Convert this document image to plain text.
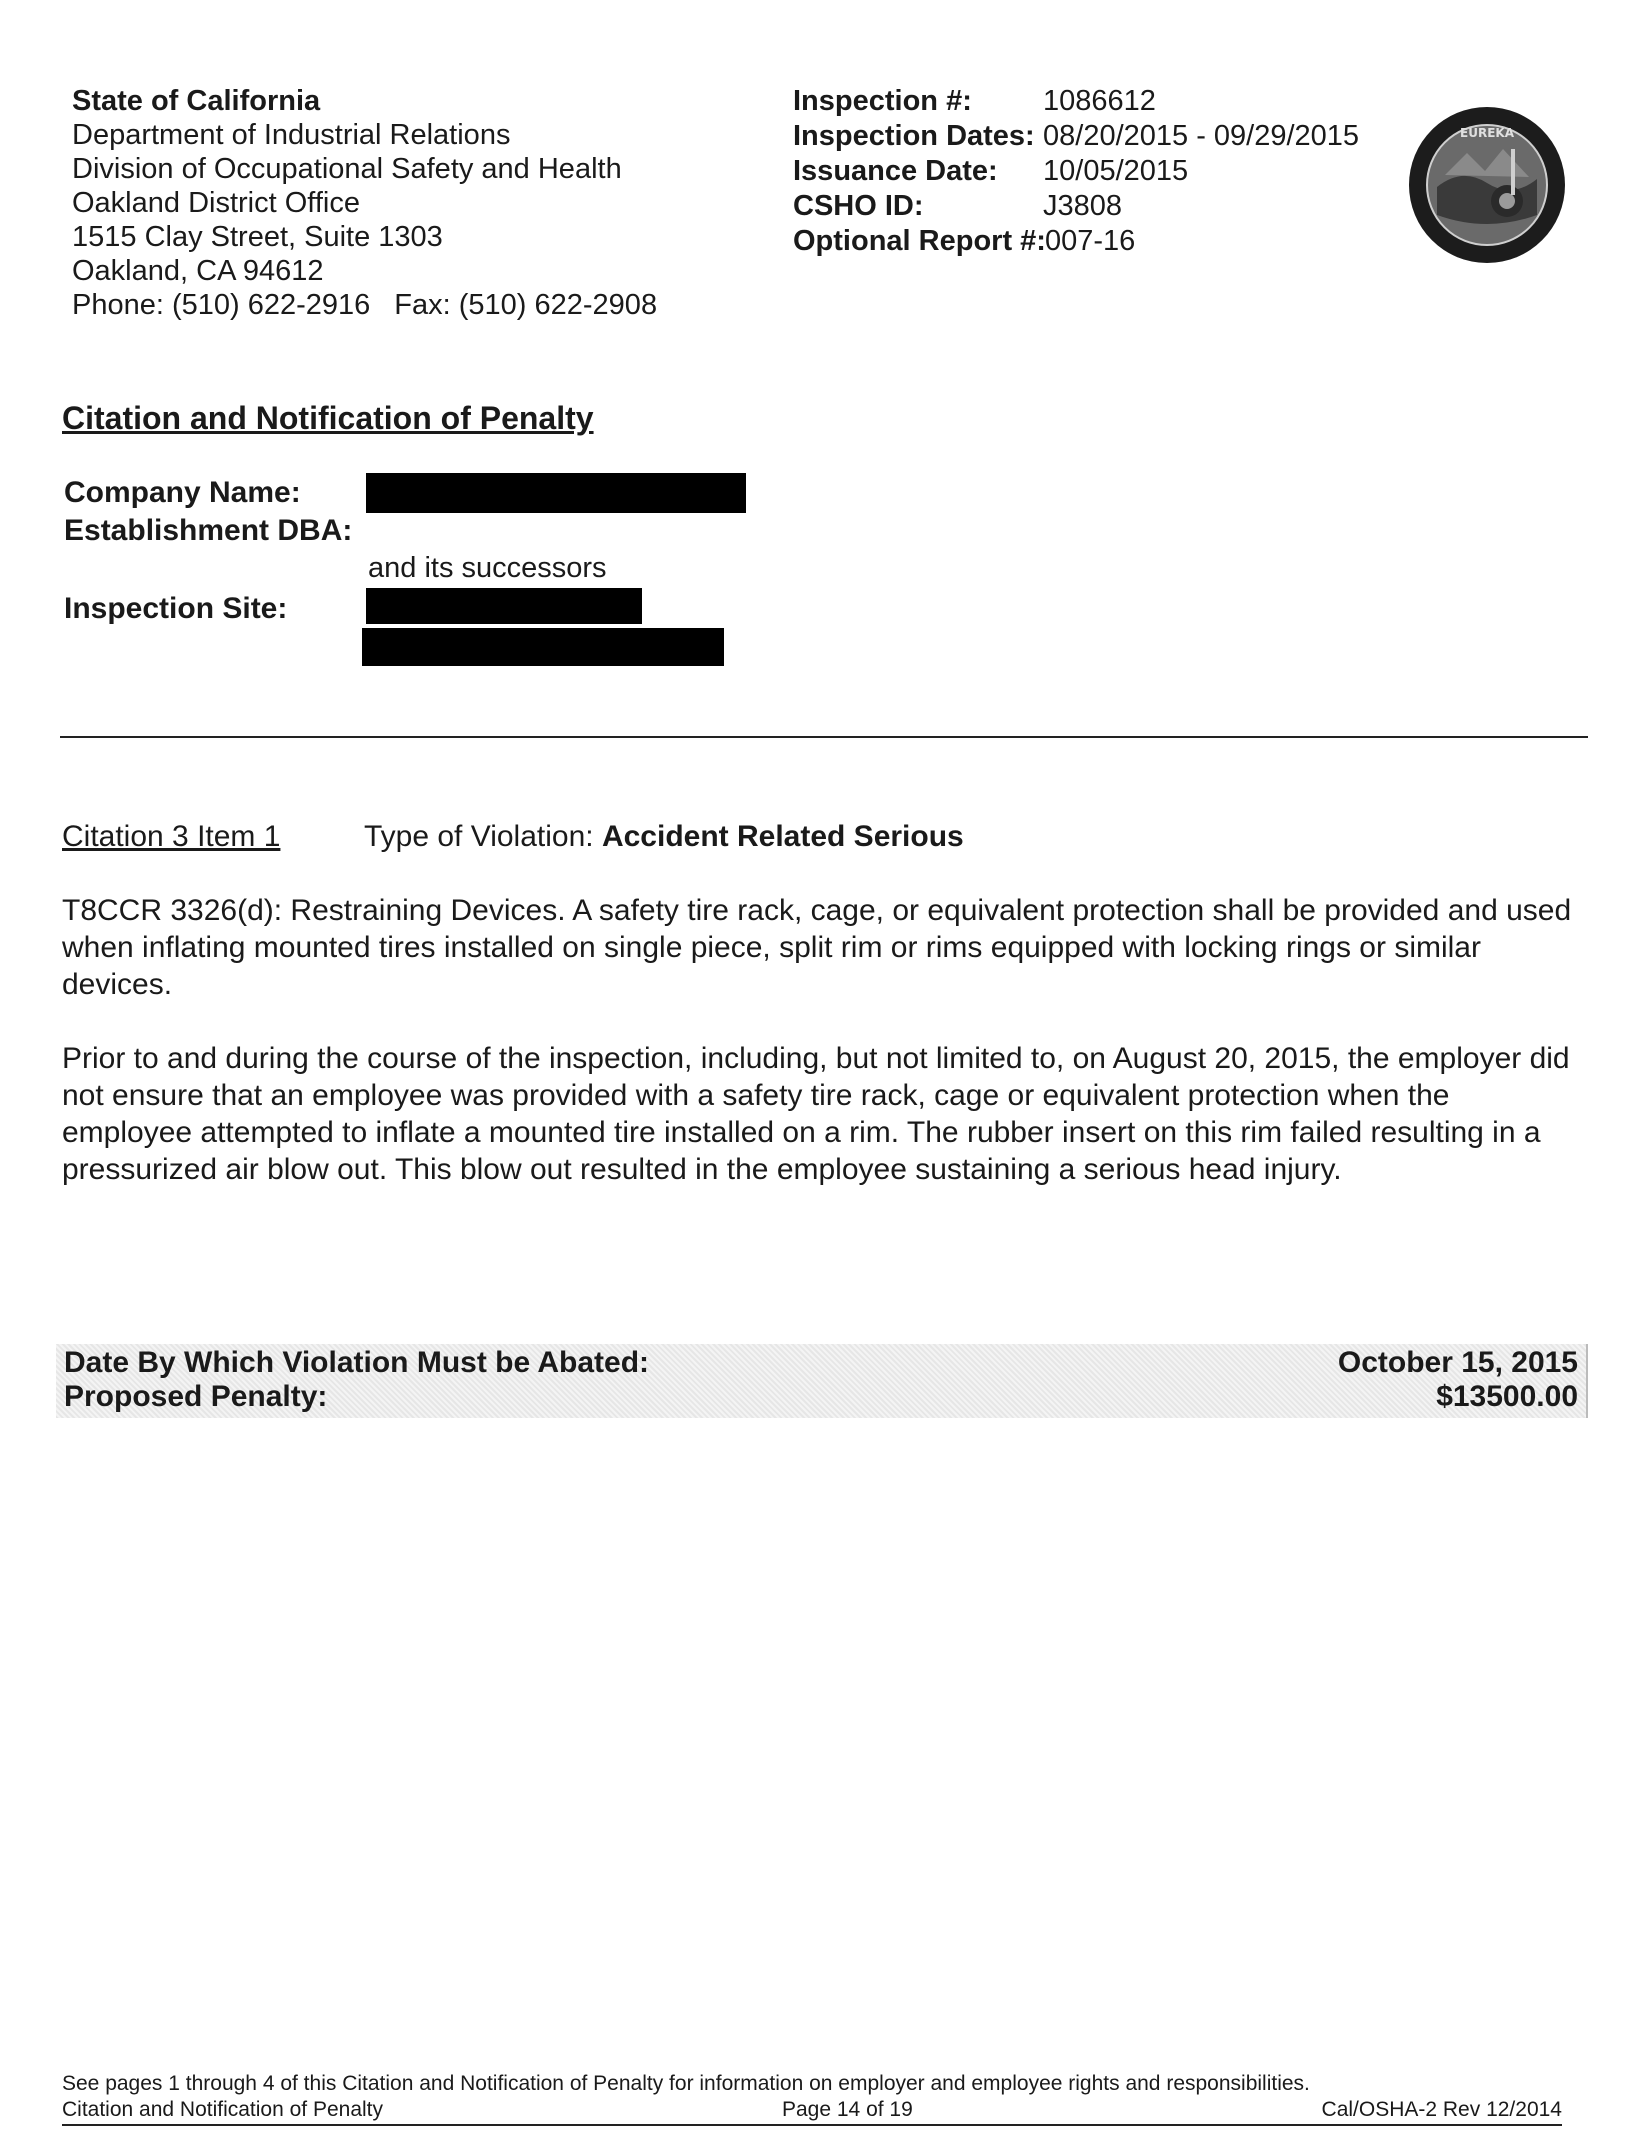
State of California
Department of Industrial Relations
Division of Occupational Safety and Health
Oakland District Office
1515 Clay Street, Suite 1303
Oakland, CA 94612
Phone: (510) 622-2916 Fax: (510) 622-2908
Inspection #:	1086612
Inspection Dates: 08/20/2015 - 09/29/2015
Issuance Date:	10/05/2015
CSHO ID:	J3808
Optional Report #: 007-16
EUREKA
Citation and Notification of Penalty
Company Name:
Establishment DBA:
and its successors
Inspection Site:
Citation 3 Item 1	Type of Violation: Accident Related Serious
T8CCR 3326(d): Restraining Devices. A safety tire rack, cage, or equivalent protection shall be provided and used when inflating mounted tires installed on single piece, split rim or rims equipped with locking rings or similar devices.
Prior to and during the course of the inspection, including, but not limited to, on August 20, 2015, the employer did not ensure that an employee was provided with a safety tire rack, cage or equivalent protection when the employee attempted to inflate a mounted tire installed on a rim. The rubber insert on this rim failed resulting in a pressurized air blow out. This blow out resulted in the employee sustaining a serious head injury.
Date By Which Violation Must be Abated:	October 15, 2015
Proposed Penalty:	$13500.00
See pages 1 through 4 of this Citation and Notification of Penalty for information on employer and employee rights and responsibilities.
Citation and Notification of Penalty	Page 14 of 19	Cal/OSHA-2 Rev 12/2014
